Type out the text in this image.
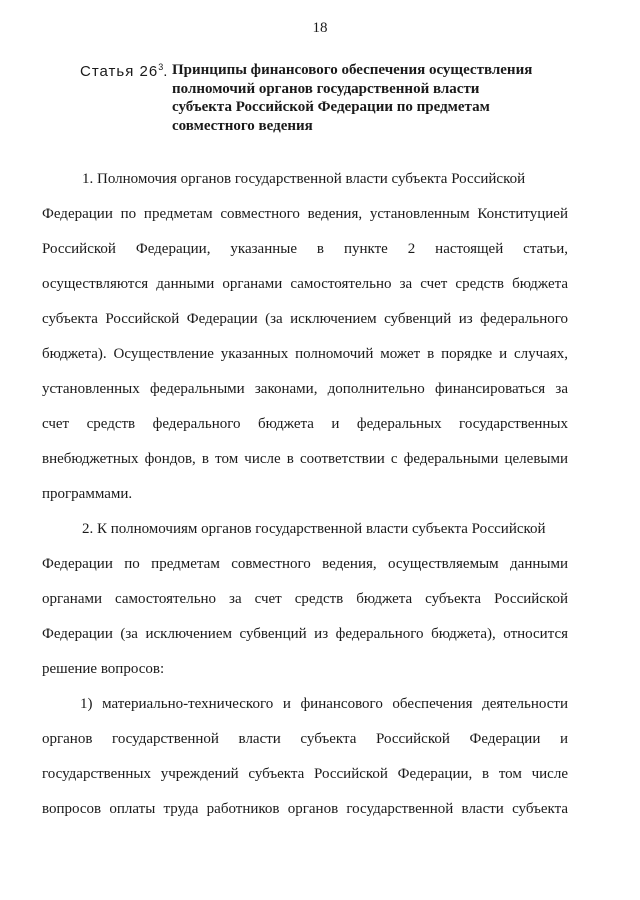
18
Статья $26^3$. Принципы финансового обеспечения осуществления
полномочий органов государственной власти
субъекта Российской Федерации по предметам
совместного ведения
1. Полномочия органов государственной власти субъекта Российской
Федерации по предметам совместного ведения, установленным Конституцией
Российской Федерации, указанные в пункте 2 настоящей статьи,
осуществляются данными органами самостоятельно за счет средств бюджета
субъекта Российской Федерации (за исключением субвенций из федерального
бюджета). Осуществление указанных полномочий может в порядке и случаях,
установленных федеральными законами, дополнительно финансироваться за
счет средств федерального бюджета и федеральных государственных
внебюджетных фондов, в том числе в соответствии с федеральными целевыми
программами.
2. К полномочиям органов государственной власти субъекта Российской
Федерации по предметам совместного ведения, осуществляемым данными
органами самостоятельно за счет средств бюджета субъекта Российской
Федерации (за исключением субвенций из федерального бюджета), относится
решение вопросов:
1) материально-технического и финансового обеспечения деятельности
органов государственной власти субъекта Российской Федерации и
государственных учреждений субъекта Российской Федерации, в том числе
вопросов оплаты труда работников органов государственной власти субъекта
